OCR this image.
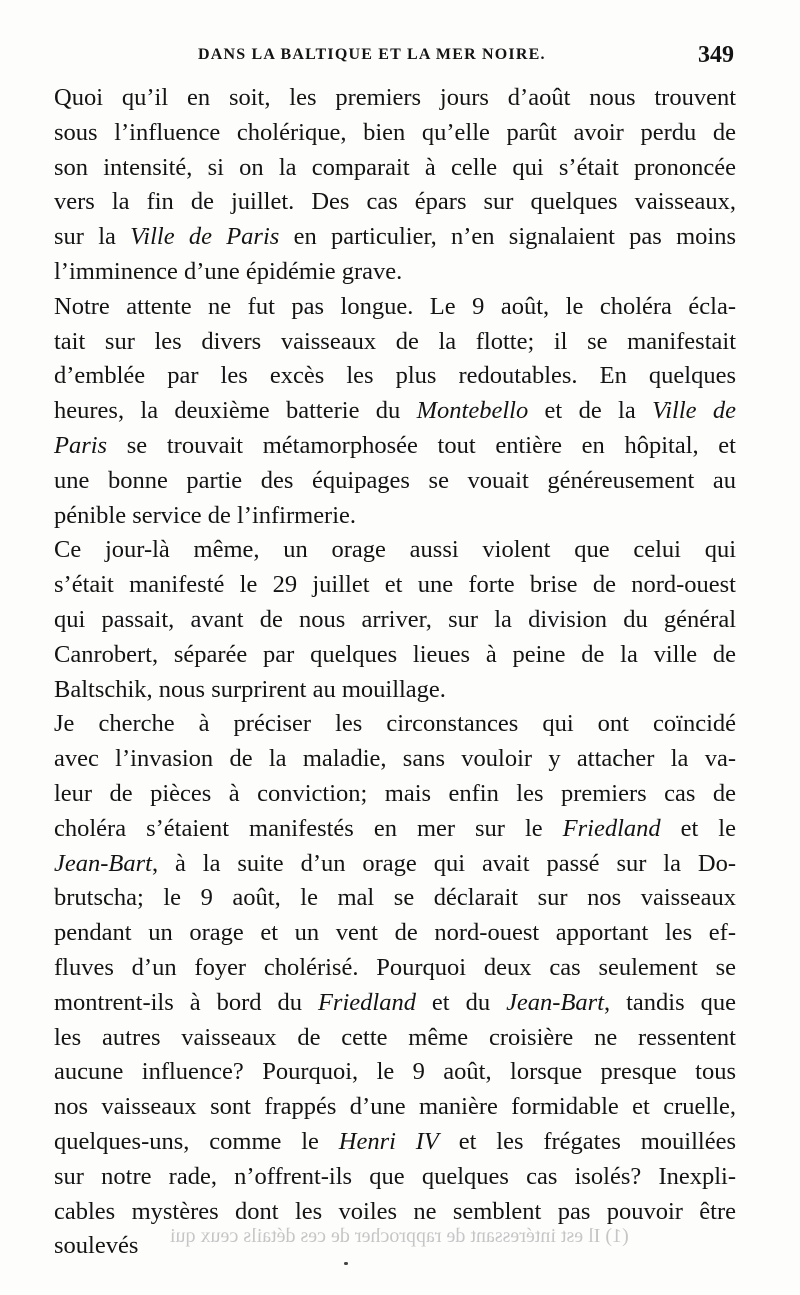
DANS LA BALTIQUE ET LA MER NOIRE.	349
Quoi qu’il en soit, les premiers jours d’août nous trouvent
sous l’influence cholérique, bien qu’elle parût avoir perdu de
son intensité, si on la comparait à celle qui s’était prononcée
vers la fin de juillet. Des cas épars sur quelques vaisseaux,
sur la Ville de Paris en particulier, n’en signalaient pas moins
l’imminence d’une épidémie grave.
Notre attente ne fut pas longue. Le 9 août, le choléra écla-
tait sur les divers vaisseaux de la flotte; il se manifestait
d’emblée par les excès les plus redoutables. En quelques
heures, la deuxième batterie du Montebello et de la Ville de
Paris se trouvait métamorphosée tout entière en hôpital, et
une bonne partie des équipages se vouait généreusement au
pénible service de l’infirmerie.
Ce jour-là même, un orage aussi violent que celui qui
s’était manifesté le 29 juillet et une forte brise de nord-ouest
qui passait, avant de nous arriver, sur la division du général
Canrobert, séparée par quelques lieues à peine de la ville de
Baltschik, nous surprirent au mouillage.
Je cherche à préciser les circonstances qui ont coïncidé
avec l’invasion de la maladie, sans vouloir y attacher la va-
leur de pièces à conviction; mais enfin les premiers cas de
choléra s’étaient manifestés en mer sur le Friedland et le
Jean-Bart, à la suite d’un orage qui avait passé sur la Do-
brutscha; le 9 août, le mal se déclarait sur nos vaisseaux
pendant un orage et un vent de nord-ouest apportant les ef-
fluves d’un foyer cholérisé. Pourquoi deux cas seulement se
montrent-ils à bord du Friedland et du Jean-Bart, tandis que
les autres vaisseaux de cette même croisière ne ressentent
aucune influence? Pourquoi, le 9 août, lorsque presque tous
nos vaisseaux sont frappés d’une manière formidable et cruelle,
quelques-uns, comme le Henri IV et les frégates mouillées
sur notre rade, n’offrent-ils que quelques cas isolés? Inexpli-
cables mystères dont les voiles ne semblent pas pouvoir être
soulevés	(1) Il est intéressant de rapprocher de ces détails ceux qui
